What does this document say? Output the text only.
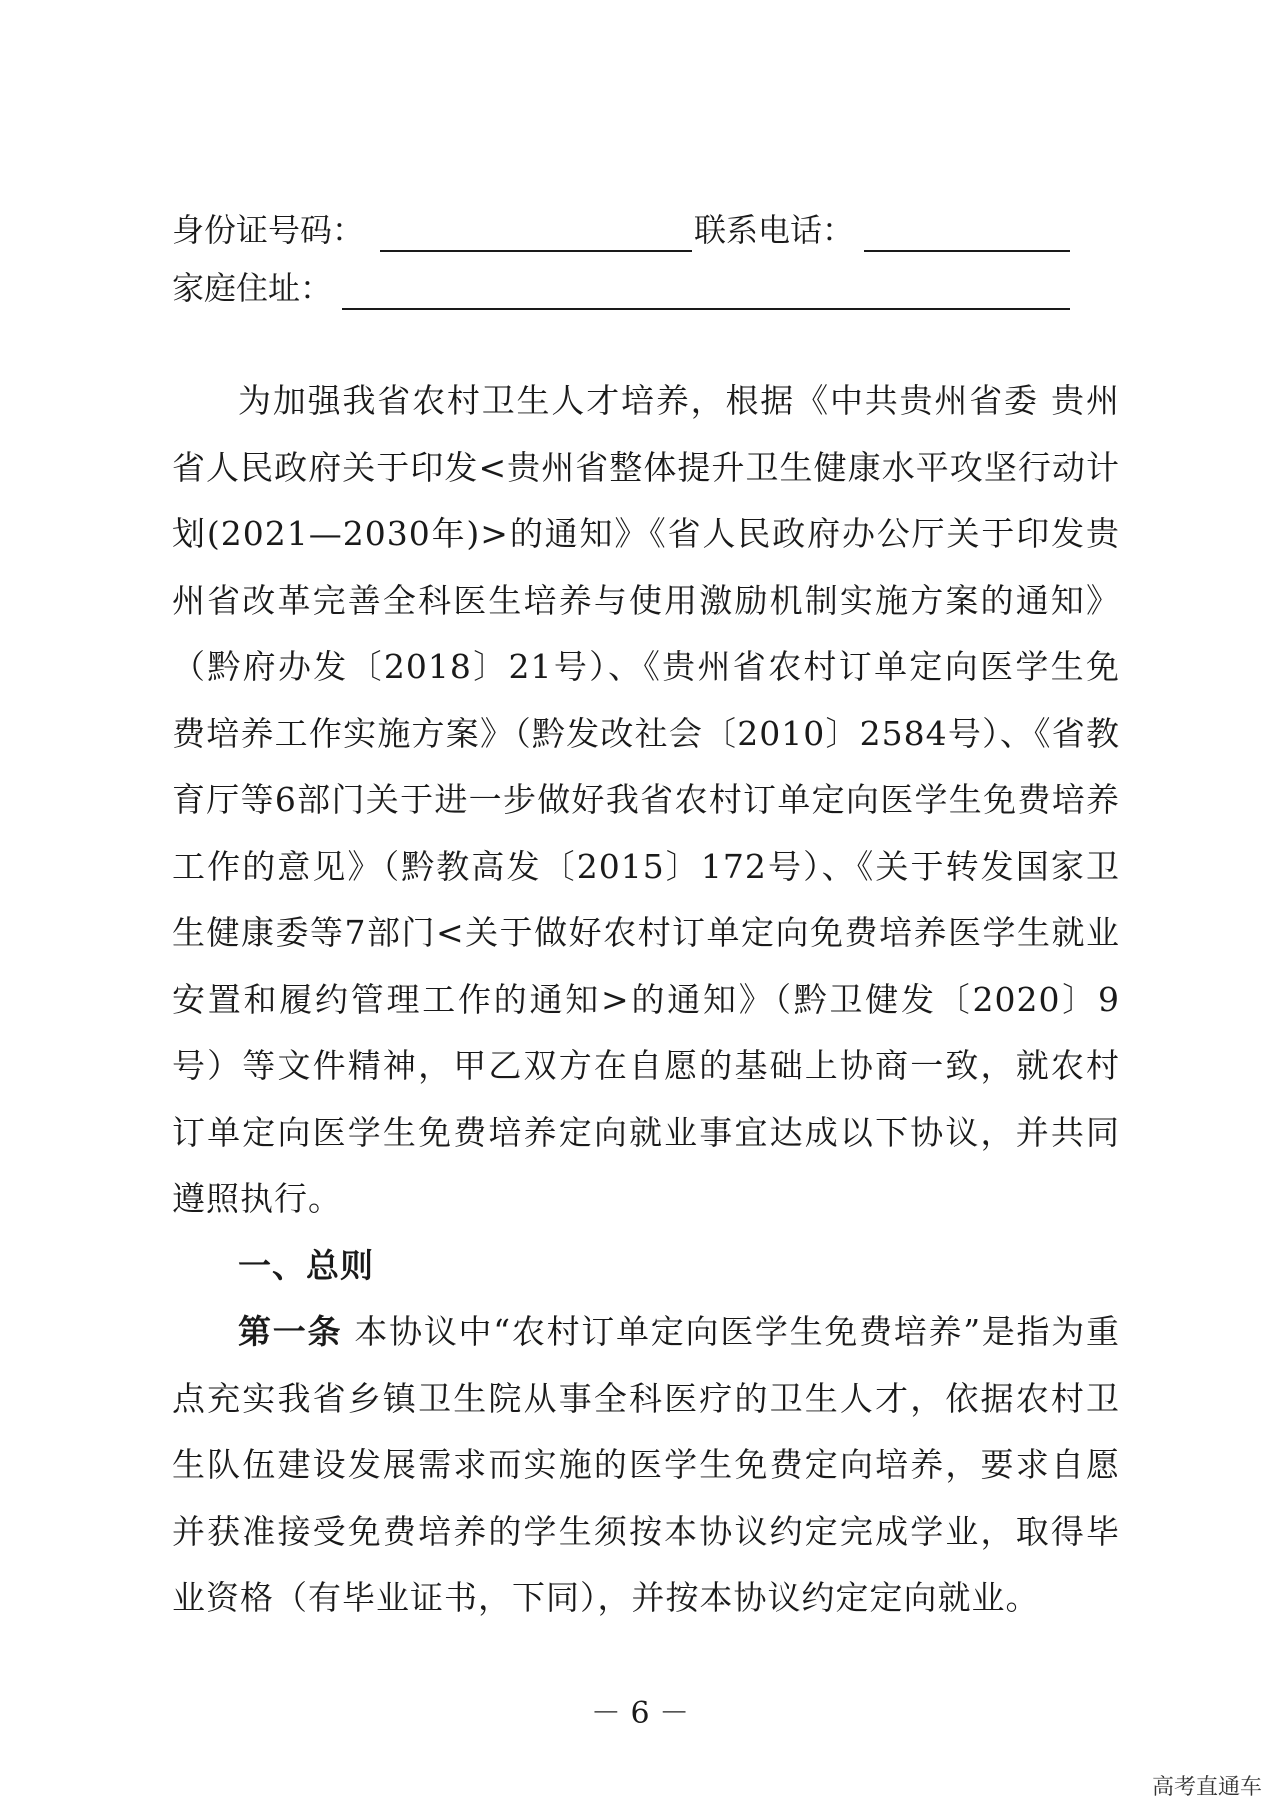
身份证号码：	联系电话：
家庭住址：

为加强我省农村卫生人才培养，根据《中共贵州省委 贵州省人民政府关于印发<贵州省整体提升卫生健康水平攻坚行动计划(2021—2030年)>的通知》《省人民政府办公厅关于印发贵州省改革完善全科医生培养与使用激励机制实施方案的通知》（黔府办发〔2018〕21号）、《贵州省农村订单定向医学生免费培养工作实施方案》（黔发改社会〔2010〕2584号）、《省教育厅等6部门关于进一步做好我省农村订单定向医学生免费培养工作的意见》（黔教高发〔2015〕172号）、《关于转发国家卫生健康委等7部门<关于做好农村订单定向免费培养医学生就业安置和履约管理工作的通知>的通知》（黔卫健发〔2020〕9号）等文件精神，甲乙双方在自愿的基础上协商一致，就农村订单定向医学生免费培养定向就业事宜达成以下协议，并共同遵照执行。

一、总则

第一条 本协议中“农村订单定向医学生免费培养”是指为重点充实我省乡镇卫生院从事全科医疗的卫生人才，依据农村卫生队伍建设发展需求而实施的医学生免费定向培养，要求自愿并获准接受免费培养的学生须按本协议约定完成学业，取得毕业资格（有毕业证书，下同），并按本协议约定定向就业。

－ 6 －
高考直通车
